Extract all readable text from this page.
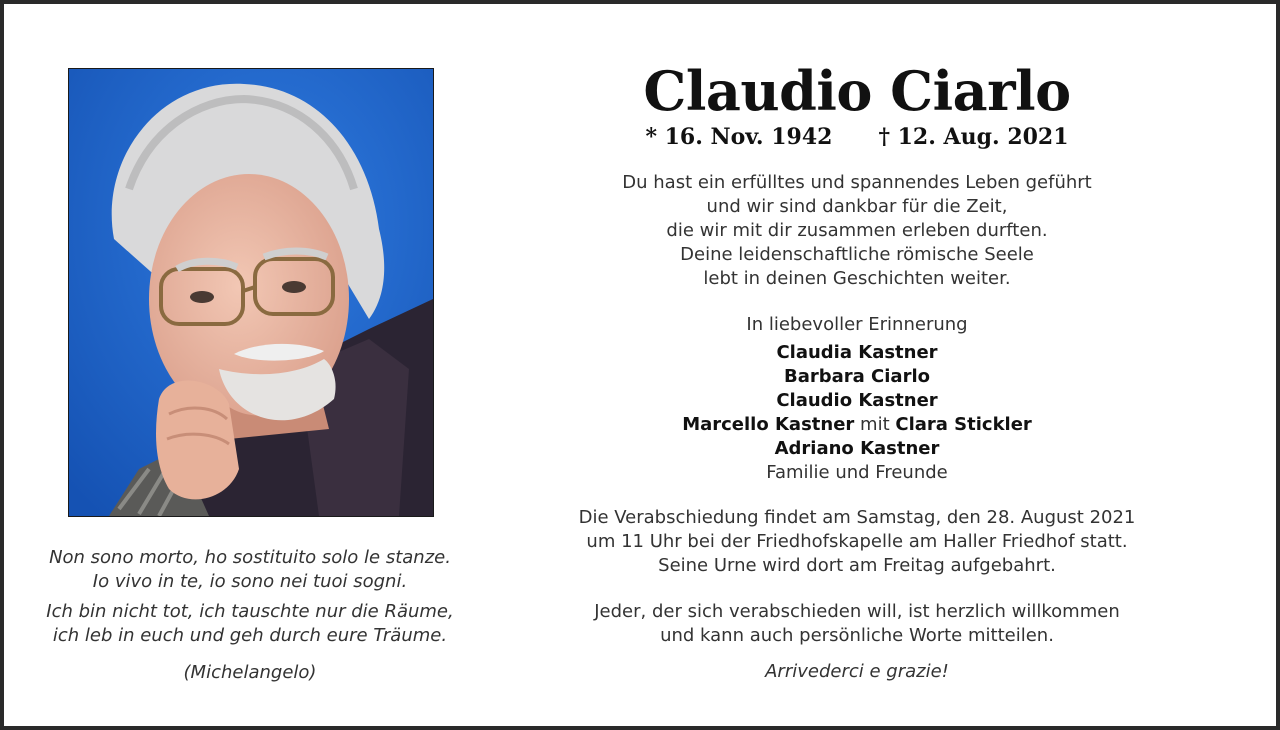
Non sono morto, ho sostituito solo le stanze.
Io vivo in te, io sono nei tuoi sogni.
Ich bin nicht tot, ich tauschte nur die Räume,
ich leb in euch und geh durch eure Träume.
(Michelangelo)
Claudio Ciarlo
* 16. Nov. 1942 † 12. Aug. 2021
Du hast ein erfülltes und spannendes Leben geführt
und wir sind dankbar für die Zeit,
die wir mit dir zusammen erleben durften.
Deine leidenschaftliche römische Seele
lebt in deinen Geschichten weiter.
In liebevoller Erinnerung
Claudia Kastner
Barbara Ciarlo
Claudio Kastner
Marcello Kastner mit Clara Stickler
Adriano Kastner
Familie und Freunde
Die Verabschiedung findet am Samstag, den 28. August 2021
um 11 Uhr bei der Friedhofskapelle am Haller Friedhof statt.
Seine Urne wird dort am Freitag aufgebahrt.
Jeder, der sich verabschieden will, ist herzlich willkommen
und kann auch persönliche Worte mitteilen.
Arrivederci e grazie!
